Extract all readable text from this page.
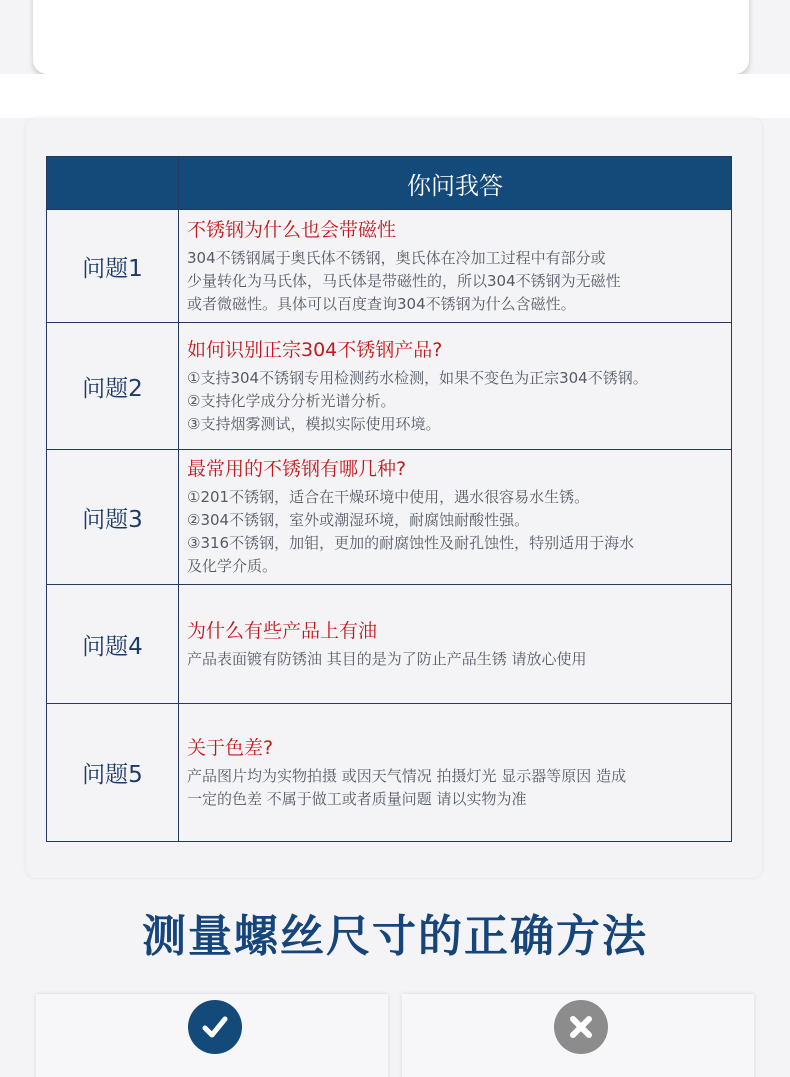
	你问我答
问题1	不锈钢为什么也会带磁性
304不锈钢属于奥氏体不锈钢，奥氏体在冷加工过程中有部分或
少量转化为马氏体，马氏体是带磁性的，所以304不锈钢为无磁性
或者微磁性。具体可以百度查询304不锈钢为什么含磁性。

问题2	如何识别正宗304不锈钢产品?
①支持304不锈钢专用检测药水检测，如果不变色为正宗304不锈钢。
②支持化学成分分析光谱分析。
③支持烟雾测试，模拟实际使用环境。

问题3	最常用的不锈钢有哪几种?
①201不锈钢，适合在干燥环境中使用，遇水很容易水生锈。
②304不锈钢，室外或潮湿环境，耐腐蚀耐酸性强。
③316不锈钢，加钼，更加的耐腐蚀性及耐孔蚀性，特别适用于海水
及化学介质。

问题4	为什么有些产品上有油
产品表面镀有防锈油 其目的是为了防止产品生锈 请放心使用

问题5	关于色差?
产品图片均为实物拍摄 或因天气情况 拍摄灯光 显示器等原因 造成
一定的色差 不属于做工或者质量问题 请以实物为准
测量螺丝尺寸的正确方法
